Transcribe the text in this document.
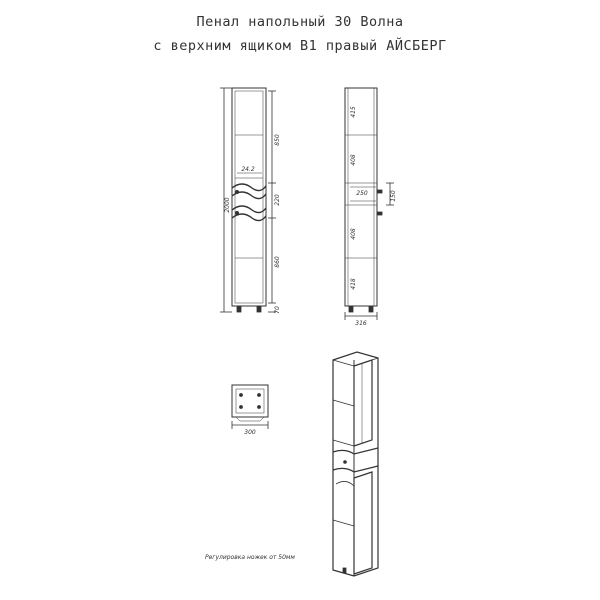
Пенал напольный 30 Волна
с верхним ящиком В1 правый АЙСБЕРГ
2000
850
24.2
220
860
70
415
408
250	150
408
418
316
300
Регулировка ножек от 50мм
